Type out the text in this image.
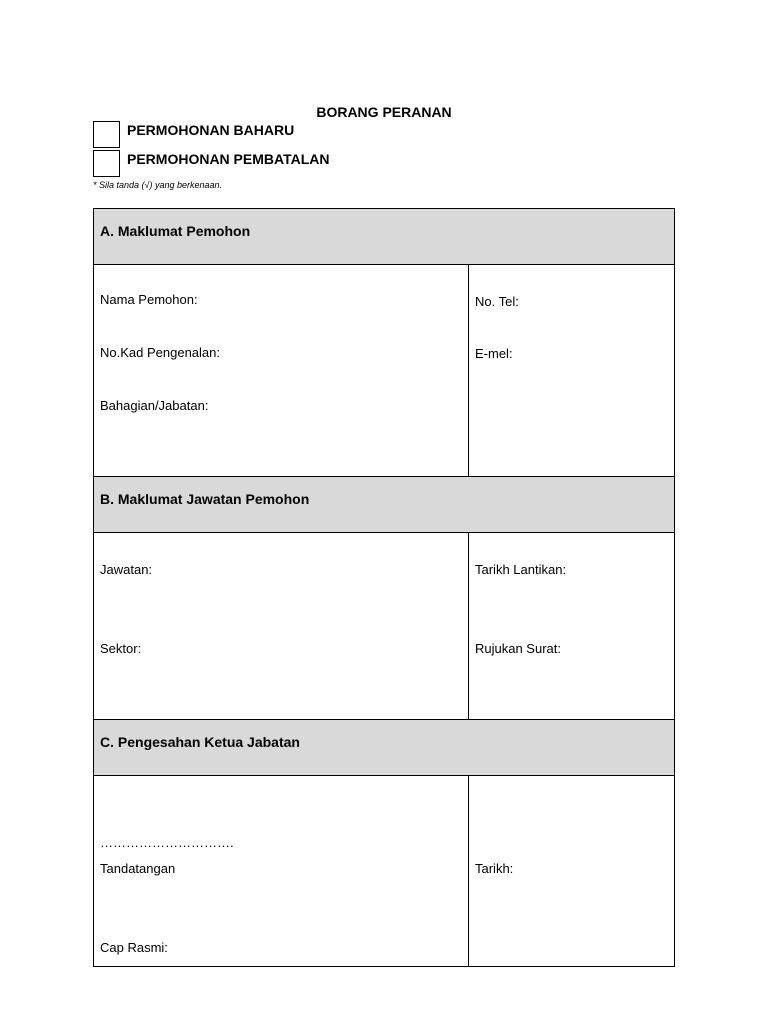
BORANG PERANAN
PERMOHONAN BAHARU
PERMOHONAN PEMBATALAN
* Sila tanda (√) yang berkenaan.
A. Maklumat Pemohon
Nama Pemohon:
No.Kad Pengenalan:
Bahagian/Jabatan:
No. Tel:
E-mel:
B. Maklumat Jawatan Pemohon
Jawatan:
Sektor:
Tarikh Lantikan:
Rujukan Surat:
C. Pengesahan Ketua Jabatan
………………………….
Tandatangan
Cap Rasmi:
Tarikh:
